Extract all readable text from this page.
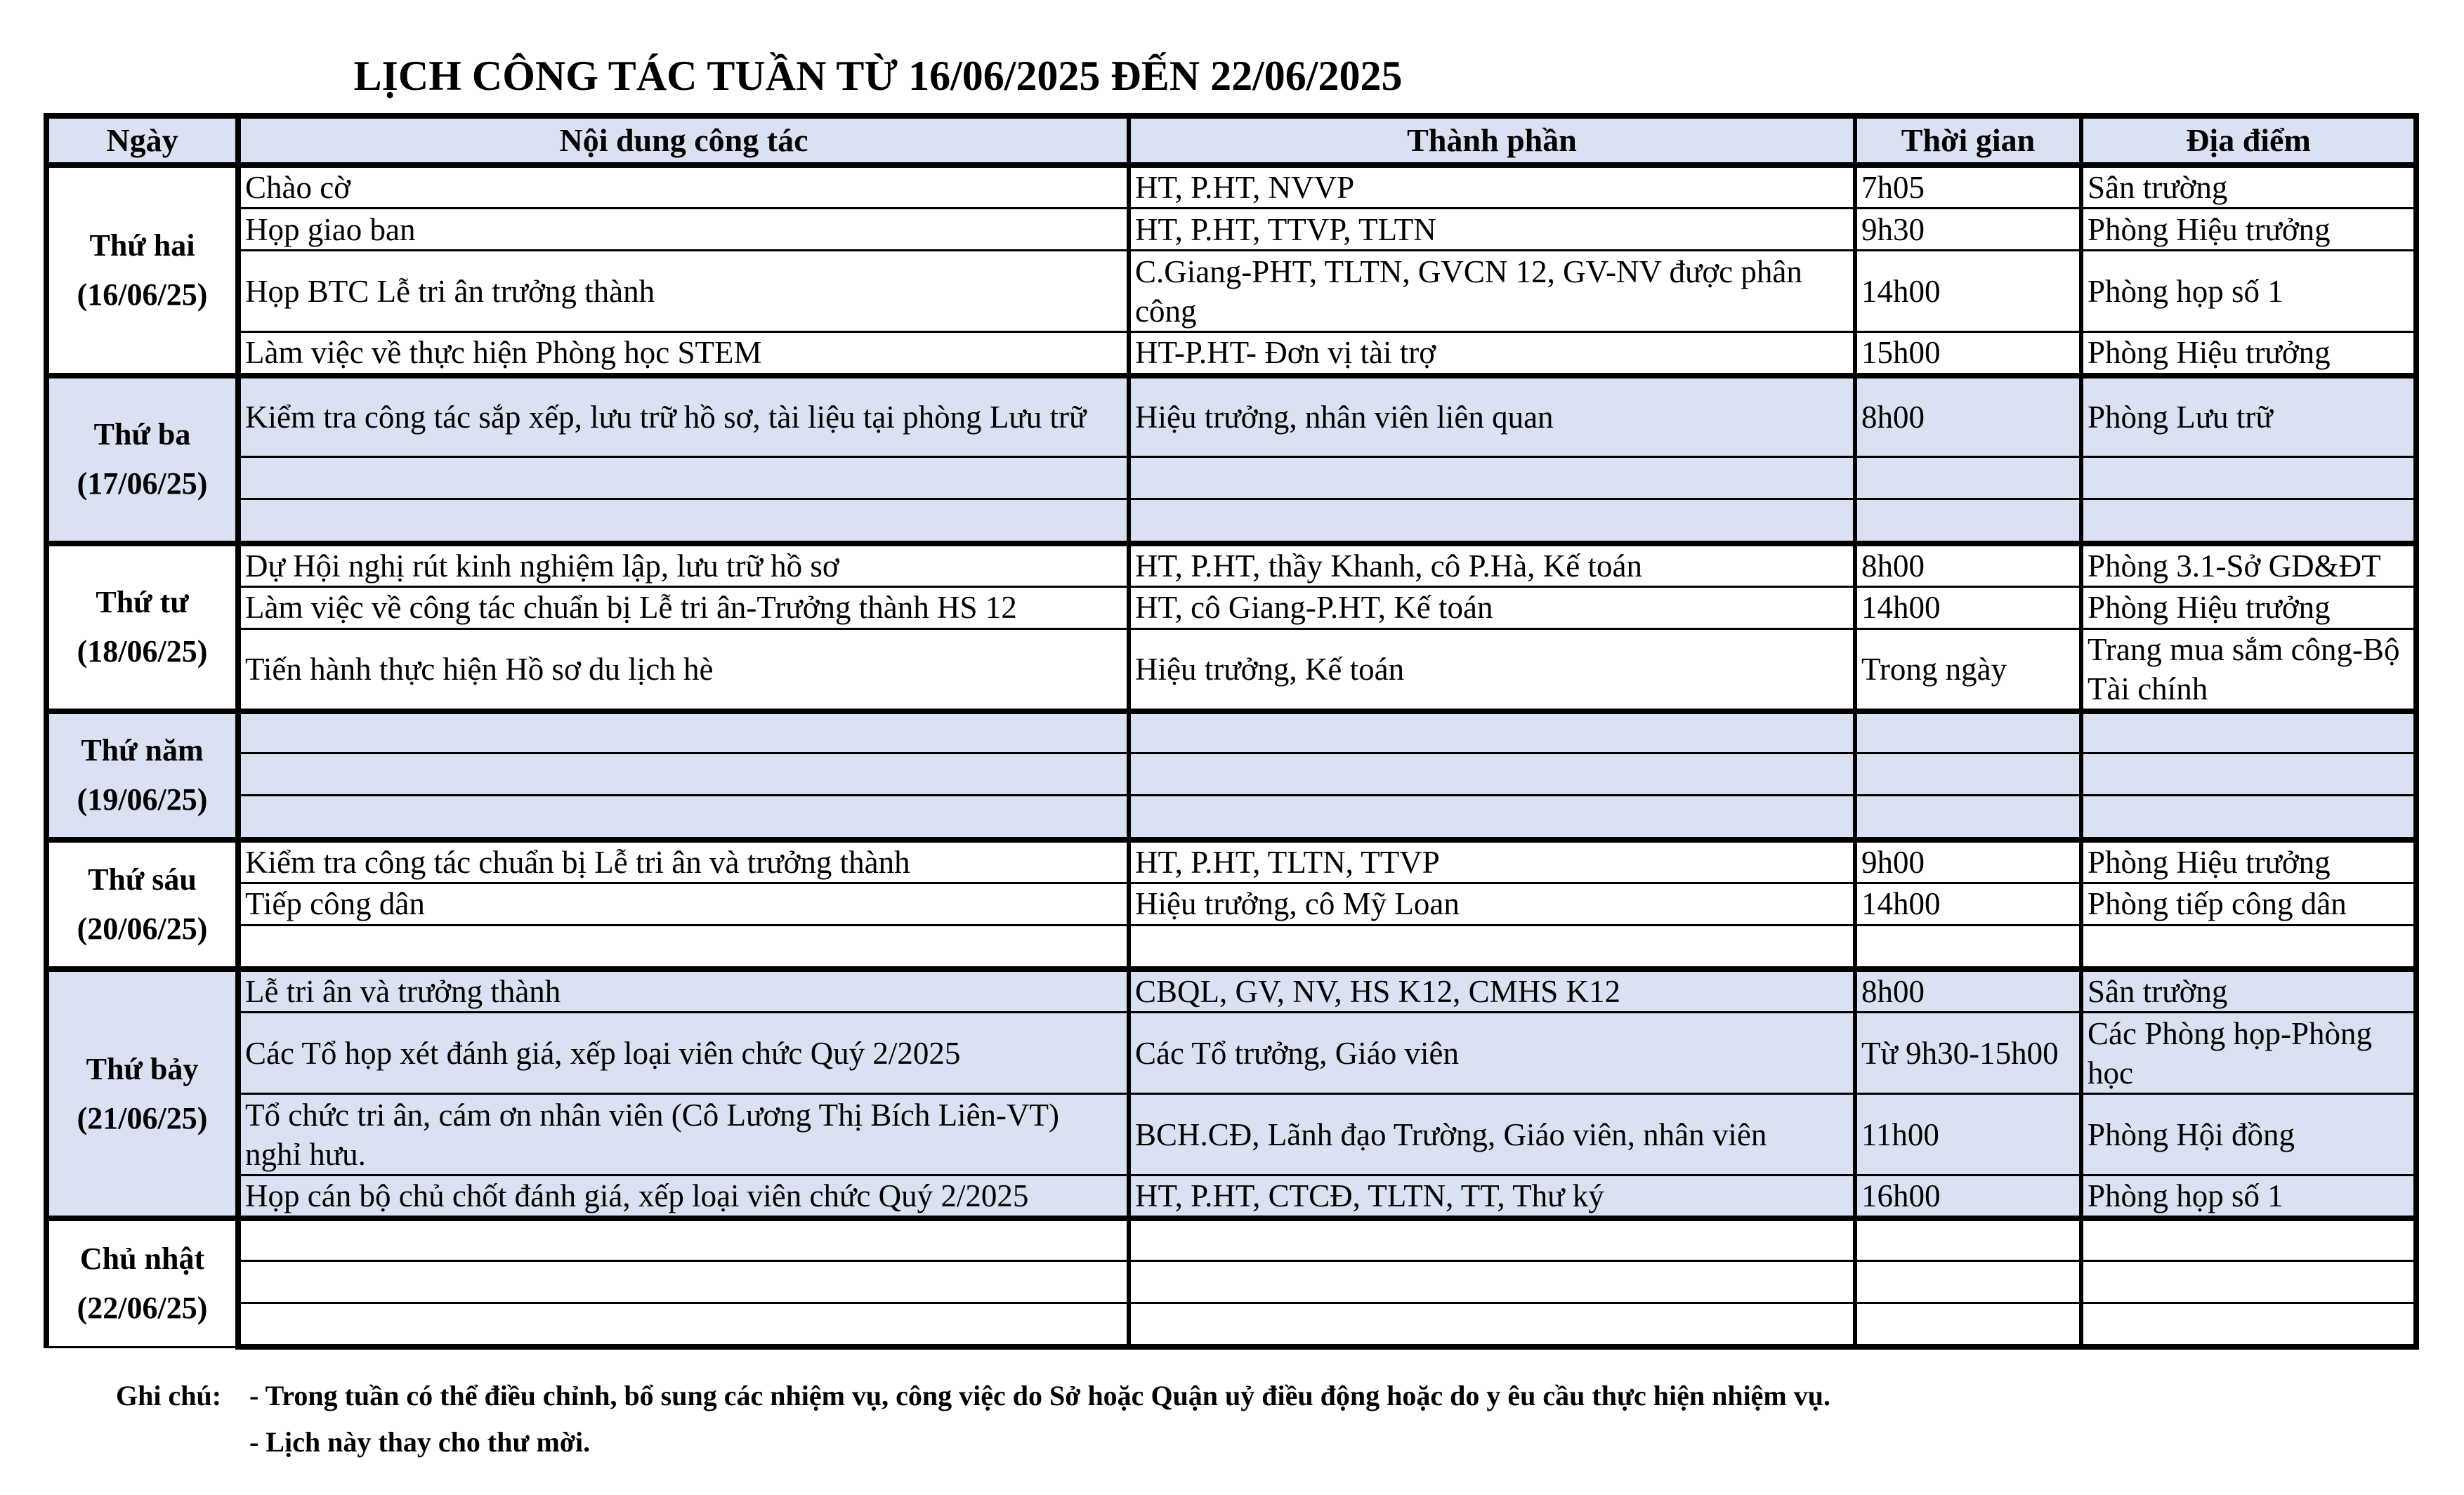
LỊCH CÔNG TÁC TUẦN TỪ 16/06/2025 ĐẾN 22/06/2025
Ngày	Nội dung công tác	Thành phần	Thời gian	Địa điểm

Thứ hai
(16/06/25)	Chào cờ	HT, P.HT, NVVP	7h05	Sân trường
	Họp giao ban	HT, P.HT, TTVP, TLTN	9h30	Phòng Hiệu trưởng
	Họp BTC Lễ tri ân trưởng thành	C.Giang-PHT, TLTN, GVCN 12, GV-NV được phân công	14h00	Phòng họp số 1
	Làm việc về thực hiện Phòng học STEM	HT-P.HT- Đơn vị tài trợ	15h00	Phòng Hiệu trưởng

Thứ ba
(17/06/25)	Kiểm tra công tác sắp xếp, lưu trữ hồ sơ, tài liệu tại phòng Lưu trữ	Hiệu trưởng, nhân viên liên quan	8h00	Phòng Lưu trữ

Thứ tư
(18/06/25)	Dự Hội nghị rút kinh nghiệm lập, lưu trữ hồ sơ	HT, P.HT, thầy Khanh, cô P.Hà, Kế toán	8h00	Phòng 3.1-Sở GD&ĐT
	Làm việc về công tác chuẩn bị Lễ tri ân-Trưởng thành HS 12	HT, cô Giang-P.HT, Kế toán	14h00	Phòng Hiệu trưởng
	Tiến hành thực hiện Hồ sơ du lịch hè	Hiệu trưởng, Kế toán	Trong ngày	Trang mua sắm công-Bộ Tài chính

Thứ năm
(19/06/25)				

Thứ sáu
(20/06/25)	Kiểm tra công tác chuẩn bị Lễ tri ân và trưởng thành	HT, P.HT, TLTN, TTVP	9h00	Phòng Hiệu trưởng
	Tiếp công dân	Hiệu trưởng, cô Mỹ Loan	14h00	Phòng tiếp công dân

Thứ bảy
(21/06/25)	Lễ tri ân và trưởng thành	CBQL, GV, NV, HS K12, CMHS K12	8h00	Sân trường
	Các Tổ họp xét đánh giá, xếp loại viên chức Quý 2/2025	Các Tổ trưởng, Giáo viên	Từ 9h30-15h00	Các Phòng họp-Phòng học
	Tổ chức tri ân, cám ơn nhân viên (Cô Lương Thị Bích Liên-VT) nghỉ hưu.	BCH.CĐ, Lãnh đạo Trường, Giáo viên, nhân viên	11h00	Phòng Hội đồng
	Họp cán bộ chủ chốt đánh giá, xếp loại viên chức Quý 2/2025	HT, P.HT, CTCĐ, TLTN, TT, Thư ký	16h00	Phòng họp số 1

Chủ nhật
(22/06/25)				

Ghi chú: - Trong tuần có thể điều chỉnh, bổ sung các nhiệm vụ, công việc do Sở hoặc Quận uỷ điều động hoặc do y êu cầu thực hiện nhiệm vụ.
- Lịch này thay cho thư mời.
